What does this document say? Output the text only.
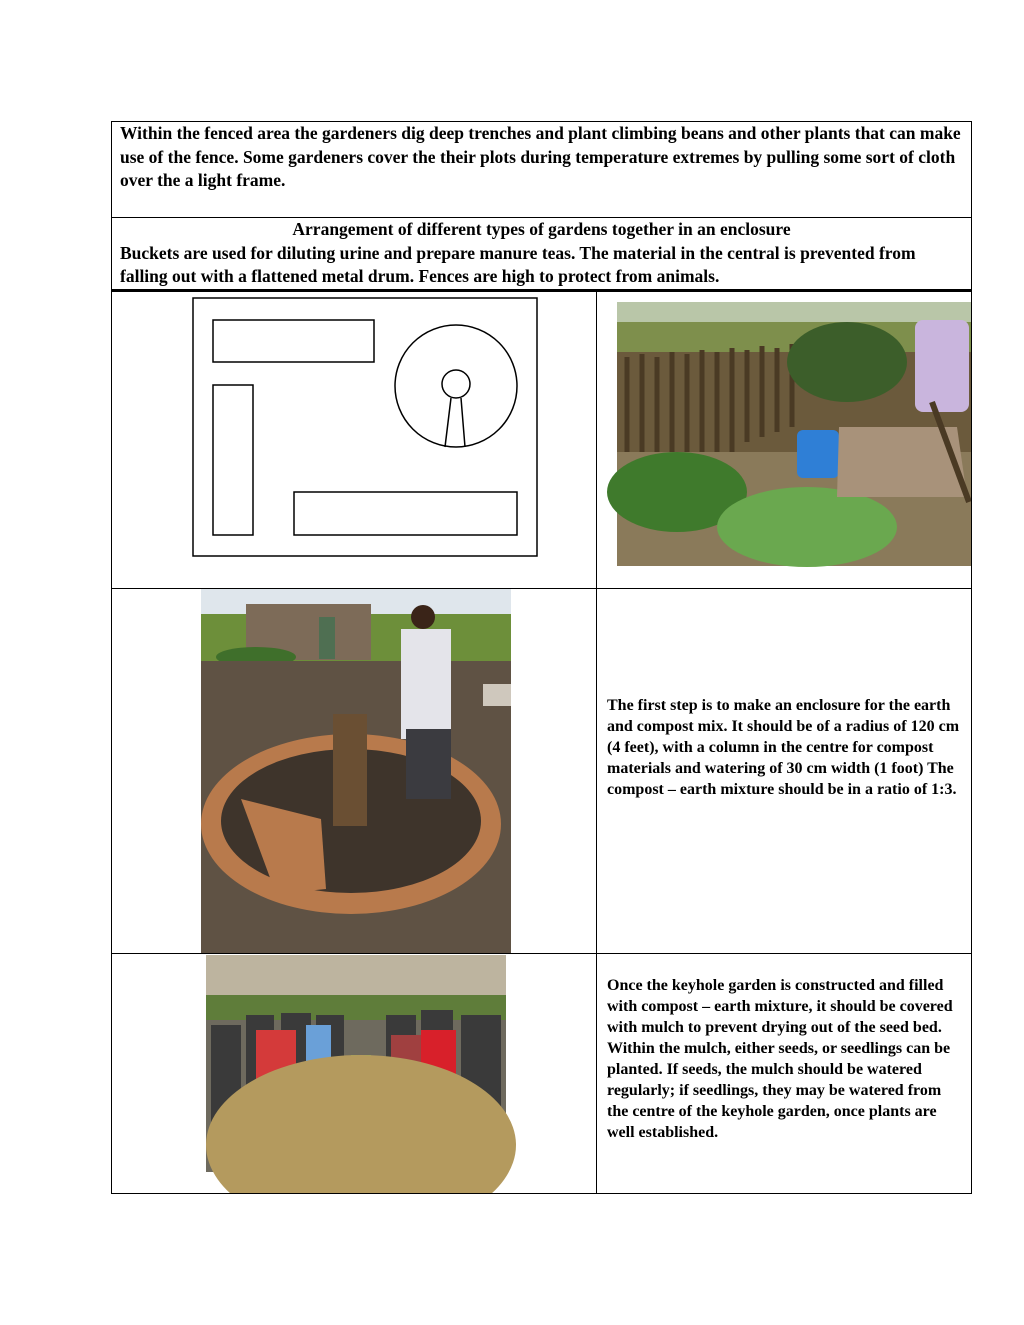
Within the fenced area the gardeners dig deep trenches and plant climbing beans and other plants that can make use of the fence. Some gardeners cover the their plots during temperature extremes by pulling some sort of cloth over the a light frame.

Arrangement of different types of gardens together in an enclosure

Buckets are used for diluting urine and prepare manure teas. The material in the central is prevented from falling out with a flattened metal drum. Fences are high to protect from animals.

The first step is to make an enclosure for the earth and compost mix. It should be of a radius of 120 cm (4 feet), with a column in the centre for compost materials and watering of 30 cm width (1 foot) The compost – earth mixture should be in a ratio of 1:3.

Once the keyhole garden is constructed and filled with compost – earth mixture, it should be covered with mulch to prevent drying out of the seed bed. Within the mulch, either seeds, or seedlings can be planted. If seeds, the mulch should be watered regularly; if seedlings, they may be watered from the centre of the keyhole garden, once plants are well established.
